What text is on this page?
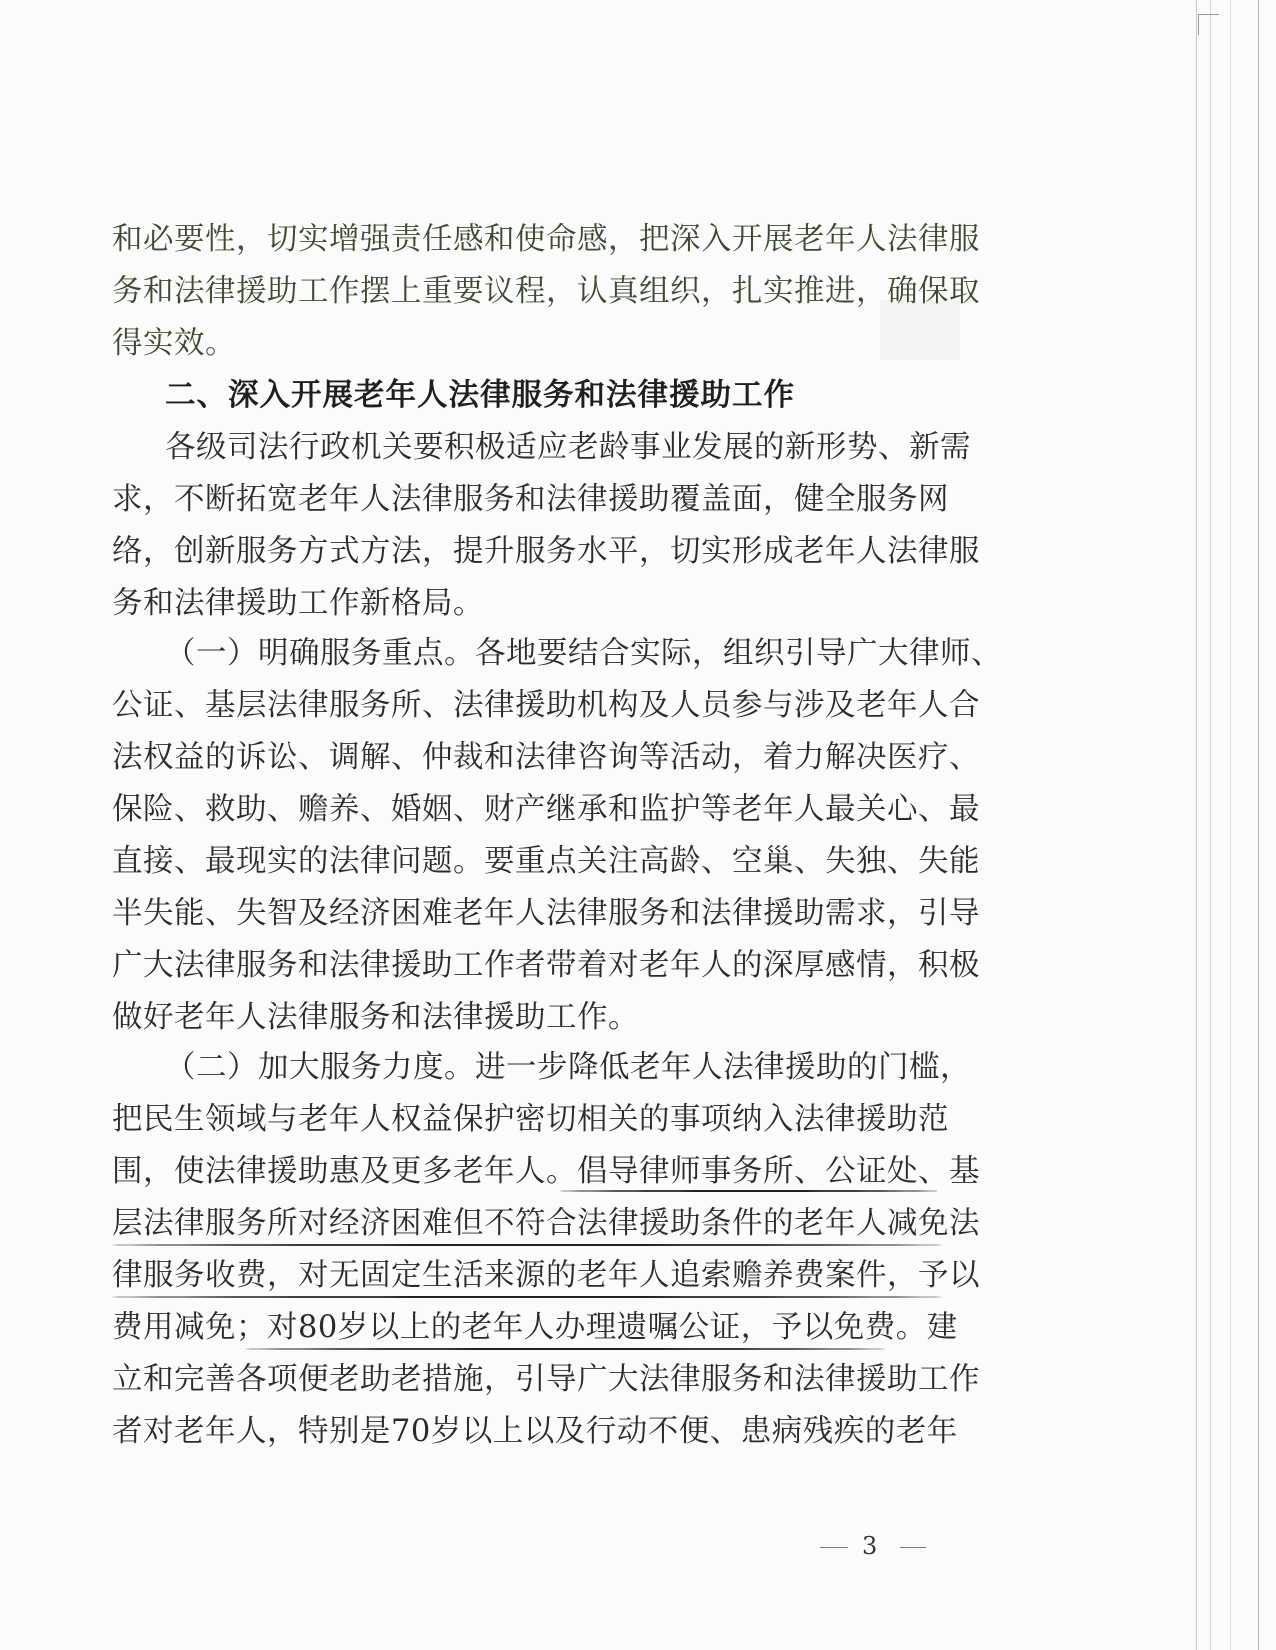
和必要性，切实增强责任感和使命感，把深入开展老年人法律服
务和法律援助工作摆上重要议程，认真组织，扎实推进，确保取
得实效。
二、深入开展老年人法律服务和法律援助工作
各级司法行政机关要积极适应老龄事业发展的新形势、新需
求，不断拓宽老年人法律服务和法律援助覆盖面，健全服务网
络，创新服务方式方法，提升服务水平，切实形成老年人法律服
务和法律援助工作新格局。
（一）明确服务重点。各地要结合实际，组织引导广大律师、
公证、基层法律服务所、法律援助机构及人员参与涉及老年人合
法权益的诉讼、调解、仲裁和法律咨询等活动，着力解决医疗、
保险、救助、赡养、婚姻、财产继承和监护等老年人最关心、最
直接、最现实的法律问题。要重点关注高龄、空巢、失独、失能
半失能、失智及经济困难老年人法律服务和法律援助需求，引导
广大法律服务和法律援助工作者带着对老年人的深厚感情，积极
做好老年人法律服务和法律援助工作。
（二）加大服务力度。进一步降低老年人法律援助的门槛，
把民生领域与老年人权益保护密切相关的事项纳入法律援助范
围，使法律援助惠及更多老年人。倡导律师事务所、公证处、基
层法律服务所对经济困难但不符合法律援助条件的老年人减免法
律服务收费，对无固定生活来源的老年人追索赡养费案件，予以
费用减免；对80岁以上的老年人办理遗嘱公证，予以免费。建
立和完善各项便老助老措施，引导广大法律服务和法律援助工作
者对老年人，特别是70岁以上以及行动不便、患病残疾的老年
3
